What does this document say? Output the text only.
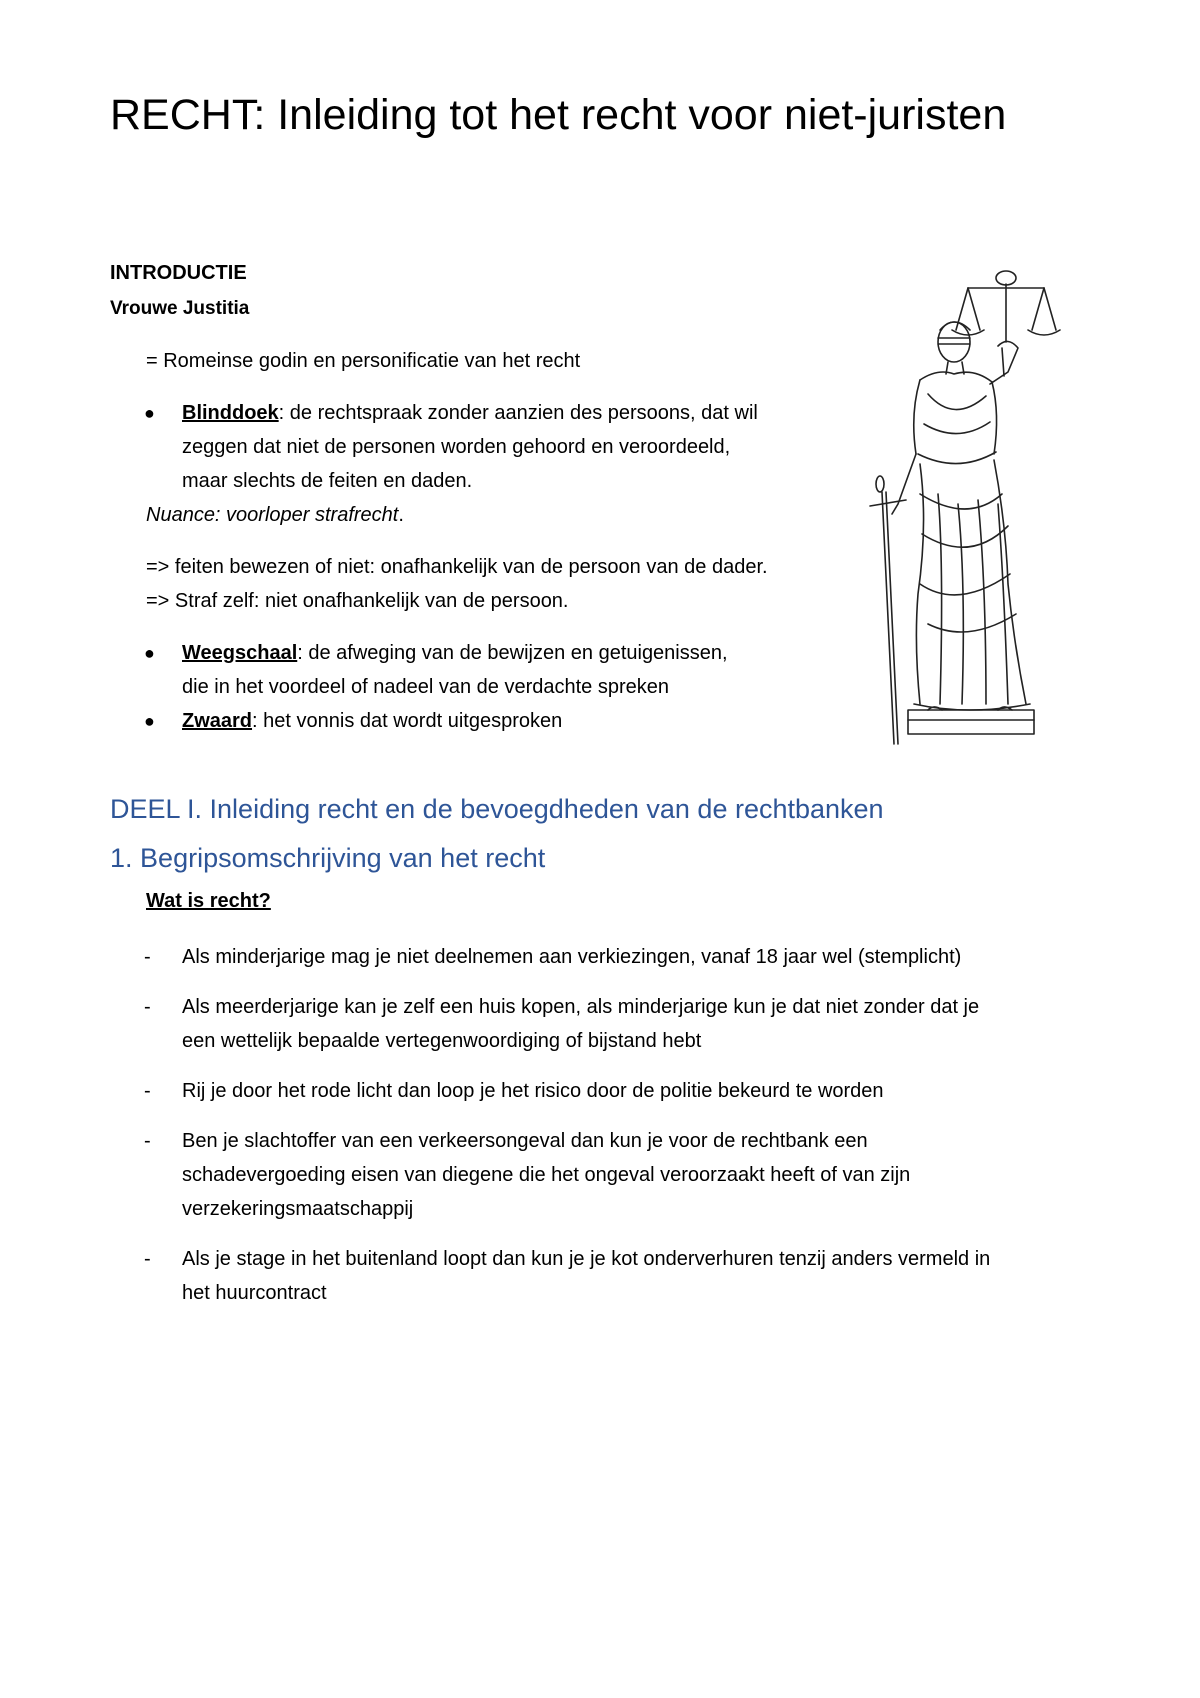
RECHT: Inleiding tot het recht voor niet-juristen
INTRODUCTIE
Vrouwe Justitia

= Romeinse godin en personificatie van het recht

● Blinddoek: de rechtspraak zonder aanzien des persoons, dat wil

zeggen dat niet de personen worden gehoord en veroordeeld,

maar slechts de feiten en daden.

Nuance: voorloper strafrecht.

=> feiten bewezen of niet: onafhankelijk van de persoon van de dader.

=> Straf zelf: niet onafhankelijk van de persoon.

● Weegschaal: de afweging van de bewijzen en getuigenissen,

die in het voordeel of nadeel van de verdachte spreken

● Zwaard: het vonnis dat wordt uitgesproken

DEEL I. Inleiding recht en de bevoegdheden van de rechtbanken
1. Begripsomschrijving van het recht

Wat is recht?

- Als minderjarige mag je niet deelnemen aan verkiezingen, vanaf 18 jaar wel (stemplicht)

- Als meerderjarige kan je zelf een huis kopen, als minderjarige kun je dat niet zonder dat je

een wettelijk bepaalde vertegenwoordiging of bijstand hebt

- Rij je door het rode licht dan loop je het risico door de politie bekeurd te worden

- Ben je slachtoffer van een verkeersongeval dan kun je voor de rechtbank een

schadevergoeding eisen van diegene die het ongeval veroorzaakt heeft of van zijn

verzekeringsmaatschappij

- Als je stage in het buitenland loopt dan kun je je kot onderverhuren tenzij anders vermeld in

het huurcontract
